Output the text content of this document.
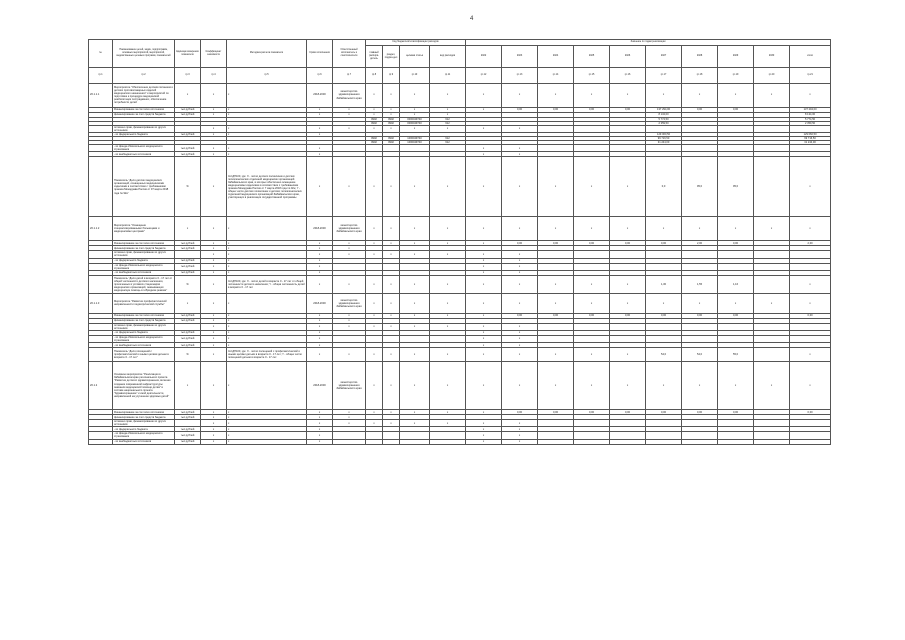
4
№	Наименование целей, задач, подпрограмм, основных мероприятий, мероприятий, ведомственных целевых программ, показателей	Единица измерения показателя	Коэффициент значимости	Методика расчета показателя	Сроки исполнения	Ответственный исполнитель и соисполнители	Код бюджетной классификации расходов				Значение по годам реализации										
							главный распоря-дитель	раздел, подраз-дел	целевая статья	вид расходов	2022	2023	2024	2025	2026	2027	2028	2029	2030	итого	
гр.1	гр.2	гр.3	гр.4	гр.5	гр.6	гр.7	гр.8	гр.9	гр.10	гр.11	гр.12	гр.13	гр.14	гр.15	гр.16	гр.17	гр.18	гр.19	гр.20	гр.21	
20.1.1.1	Мероприятие "Обеспечение детским питанием и детских противопожарных изделий медицинского назначения" и мероприятий по подготовке к процедуре медицинской реабилитации пострадавших, обеспечение потребности детей	х	х	х	2018-2030	министерство здравоохранения Забайкальского края	х	х	х	х	х	х	х	х	х	х	х	х	х	х	
	Финансирование за счет всех источников	тыс.рублей	х	х	х	х	х	х	х	х	х	0,00	0,00	0,00	0,00	137 294,00	0,00	0,00		137 294,00	
	финансирование за счет средств бюджета	тыс.рублей	х	х	х	х	х	х	х	х						8 134,00				8 134,00	
							0902	0902	0000049740	612						5 774,50				5 774,50	
							0902	0902	0000049740	612						2 359,50				2 359,50	
	оплачено прав, финансирование из других источников		х	х	х	х	х	х	х	х	х	х									
	- из федерального бюджета	тыс.рублей	х	х	х											129 060,50				129 060,50	
							0902	0902	1000049740	612						99 716,50				99 716,50	
							0902	0902	1000049740	612						31 244,00				31 244,00	
	- из фонда обязательного медицинского страхования	тыс.рублей	х	х	х						х	х									
	- из внебюджетных источников	тыс.рублей	х	х	х						х	х									
	Показатель "Доля детских медицинских организаций, оснащенных медицинскими изделиями в соответствии с требованиями приказа Минздрава России от 07 марта 2018 года № 92н"	%	х	Ind ДП100, где: Х - число детских поликлиник и детских поликлинических отделений медицинских организаций Забайкальского края, в которых обеспечено оснащение медицинскими изделиями в соответствии с требованиями приказа Минздрава России от 7 марта 2018 года № 92н; Y - общее число детских поликлиник и детских поликлинических отделений медицинских организаций Забайкальского края, участвующих в реализации государственной программы	х	х	х	х	х	х	х	х	х	х	х	0,0	95,0	95,0		х	
20.1.1.2	Мероприятие "Оснащение специализированными больницами и медицинскими центрами"	х	х	х	2018-2030	министерство здравоохранения Забайкальского края	х	х	х	х	х	х	х	х	х	х	х	х	х	х	
	Финансирование за счет всех источников	тыс.рублей	х	х	х	х	х	х	х	х	х	0,00	0,00	0,00	0,00	0,00	2,00	0,00		2,00	
	финансирование за счет средств бюджета	тыс.рублей	х	х	х	х															
	оплачено прав, финансирование из других источников		х	х	х	х	х	х	х	х	х	х									
	- из федерального бюджета	тыс.рублей	х	х	х						х	х									
	- из фонда обязательного медицинского страхования	тыс.рублей	х	х	х						х	х									
	- из внебюджетных источников	тыс.рублей	х	х	х						х	х									
	Показатель "Доля детей в возрасте 0 - 17 лет от общей численности детского населения, пролеченных в условиях стационаров медицинских организаций, оказывающих медицинскую помощь в гибридном режиме"	%	х	Ind ДП100, где: Х - число детей в возрасте 0 - 17 лет от общей численности детского населения; Y - общая численность детей в возрасте 0 - 17 лет	х	х	х	х	х	х	х	х	х	х	х	1,30	1,55	1,16		х	
20.1.1.3	Мероприятие "Развитие профилактической направленности педиатрической службы"	х	х	х	2018-2030	министерство здравоохранения Забайкальского края	х	х	х	х	х	х	х	х	х	х	х	х	х	х	
	Финансирование за счет всех источников	тыс.рублей	х	х	х	х	х	х	х	х	х	0,00	0,00	0,00	0,00	0,00	0,00	0,00		0,00	
	финансирование за счет средств бюджета	тыс.рублей	х	х	х	х															
	оплачено прав, финансирование из других источников		х	х	х	х	х	х	х	х	х	х									
	- из федерального бюджета	тыс.рублей	х	х	х						х	х									
	- из фонда обязательного медицинского страхования	тыс.рублей	х	х	х						х	х									
	- из внебюджетных источников	тыс.рублей	х	х	х						х	х									
	Показатель "Доля посещений с профилактической и иными целями детьми в возрасте 0 - 17 лет"	%	х	Ind ДП100, где: Х - число посещений с профилактической и иными целями детьми в возрасте 0 - 17 лет; Y - общее число посещений детьми в возрасте 0 - 17 лет	х	х	х	х	х	х	х	х	х	х	х	54,0	54,0	55,0		х	
20.1.2	Основное мероприятие "Реализация в Забайкальском крае регионального проекта "Развитие детского здравоохранения, включая создание современной инфраструктуры оказания медицинской помощи детям" в составе национального проекта "Здравоохранение" и иной деятельности, направленной на улучшение здоровья детей"	х	х	х	2018-2030	министерство здравоохранения Забайкальского края	х	х	х	х	х	х	х	х	х	х	х	х	х	х	
	Финансирование за счет всех источников	тыс.рублей	х	х	х	х	х	х	х	х	х	0,00	0,00	0,00	0,00	0,00	0,00	0,00		0,00	
	финансирование за счет средств бюджета	тыс.рублей	х	х	х	х															
	оплачено прав, финансирование из других источников		х	х	х	х	х	х	х	х	х	х									
	- из федерального бюджета	тыс.рублей	х	х	х						х	х									
	- из фонда обязательного медицинского страхования	тыс.рублей	х	х	х						х	х									
	- из внебюджетных источников	тыс.рублей	х	х	х						х	х									
